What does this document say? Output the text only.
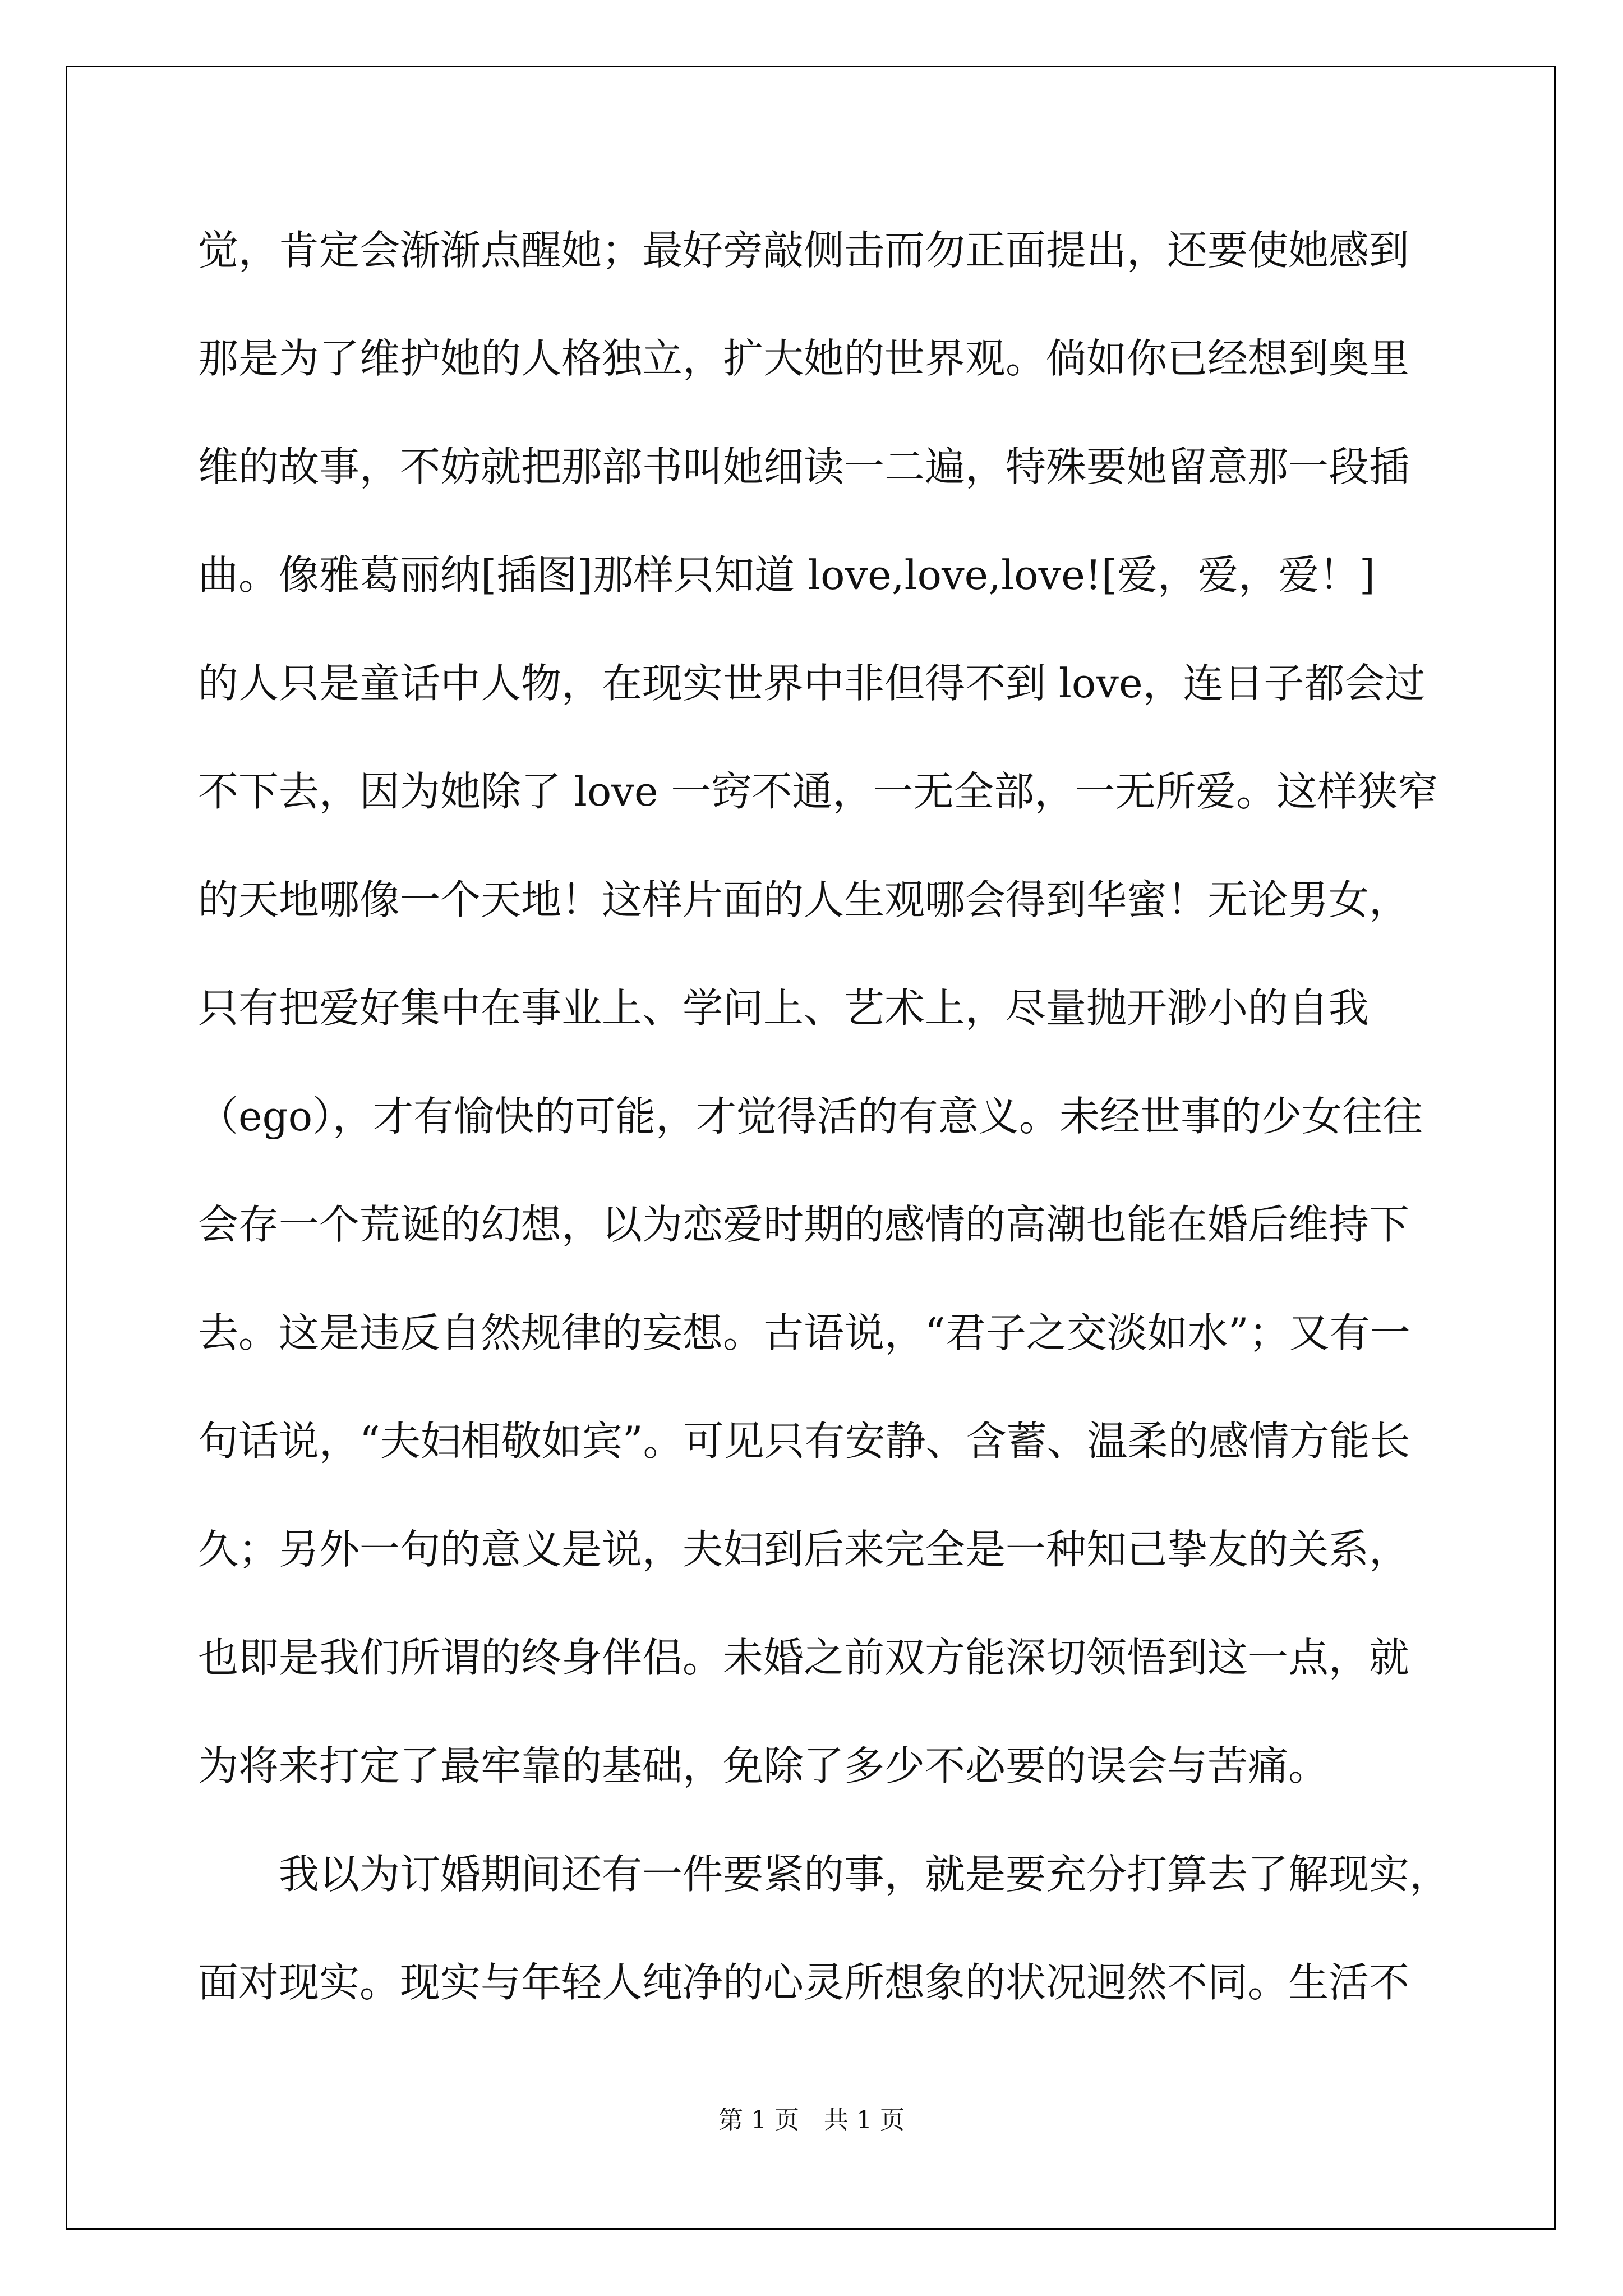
觉，肯定会渐渐点醒她；最好旁敲侧击而勿正面提出，还要使她感到
那是为了维护她的人格独立，扩大她的世界观。倘如你已经想到奥里
维的故事，不妨就把那部书叫她细读一二遍，特殊要她留意那一段插
曲。像雅葛丽纳[插图]那样只知道 love,love,love![爱，爱，爱！]
的人只是童话中人物，在现实世界中非但得不到 love，连日子都会过
不下去，因为她除了 love 一窍不通，一无全部，一无所爱。这样狭窄
的天地哪像一个天地！这样片面的人生观哪会得到华蜜！无论男女，
只有把爱好集中在事业上、学问上、艺术上，尽量抛开渺小的自我
（ego），才有愉快的可能，才觉得活的有意义。未经世事的少女往往
会存一个荒诞的幻想，以为恋爱时期的感情的高潮也能在婚后维持下
去。这是违反自然规律的妄想。古语说，“君子之交淡如水”；又有一
句话说，“夫妇相敬如宾”。可见只有安静、含蓄、温柔的感情方能长
久；另外一句的意义是说，夫妇到后来完全是一种知己挚友的关系，
也即是我们所谓的终身伴侣。未婚之前双方能深切领悟到这一点，就
为将来打定了最牢靠的基础，免除了多少不必要的误会与苦痛。
我以为订婚期间还有一件要紧的事，就是要充分打算去了解现实，
面对现实。现实与年轻人纯净的心灵所想象的状况迥然不同。生活不
第 1 页　共 1 页
